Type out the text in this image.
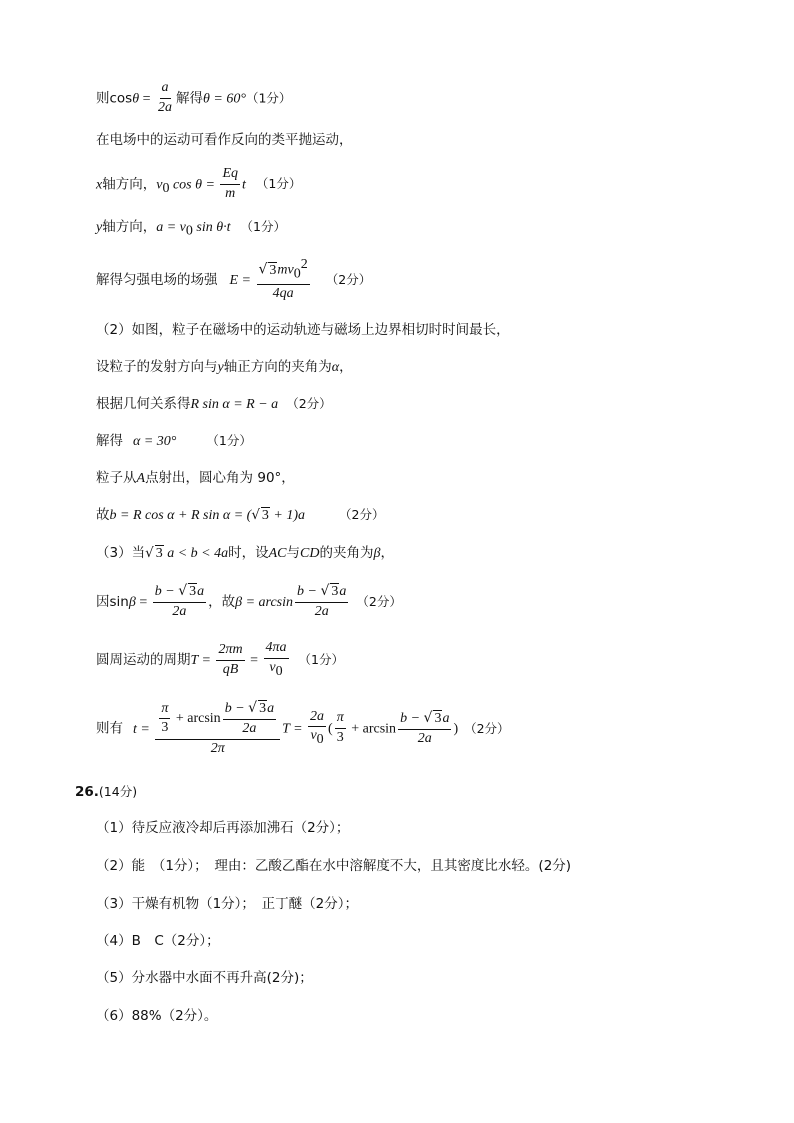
则$\cos\theta = \frac{a}{2a}$ 解得θ = 60°（1分）
在电场中的运动可看作反向的类平抛运动，
x轴方向，$v_0$ $\cos \theta = \frac{Eq}{m}$ t （1分）
y轴方向，$a = v_0$ sin θ·t （1分）
解得匀强电场的场强 $E = \frac{√ 3mv_0^2}{4qa} (2$分）
（2）如图，粒子在磁场中的运动轨迹与磁场上边界相切时时间最长，
设粒子的发射方向与y轴正方向的夹角为α，
根据几何关系得R sin α = R − a （2分）
解得 α = 30° （1分）
粒子从A点射出，圆心角为 90°，
故b = R cos α + R sin α = (√ 3 + 1)a	（2分）
（3）当√ 3 a < b < 4a时，设AC与CD的夹角为β，
因$\sin\beta = \frac{b - √ 3a}{2a}$ ，故$\beta = \arcsin \frac{b - √ 3a}{2a} (2$分）
圆周运动的周期$T = \frac{2\pi m}{qB} = \frac{4\pi a}{v_0} (1$分）
则有 $t = \frac{\frac{\pi}{3} + \arcsin \frac{b - √ 3a}{2a}}{2\pi}$ $T = \frac{2a}{v_0}$ ( $\frac{\pi}{3} + \arcsin \frac{b - √ 3a}{2a}$ ) （2分）
26.(14分)
（1）待反应液冷却后再添加沸石（2分）；
（2）能　（1分）；　理由：乙酸乙酯在水中溶解度不大，且其密度比水轻。(2分)
（3）干燥有机物（1分）；　正丁醚（2分）；
（4）B　C（2分）；
（5）分水器中水面不再升高(2分)；
（6）88%（2分）。
